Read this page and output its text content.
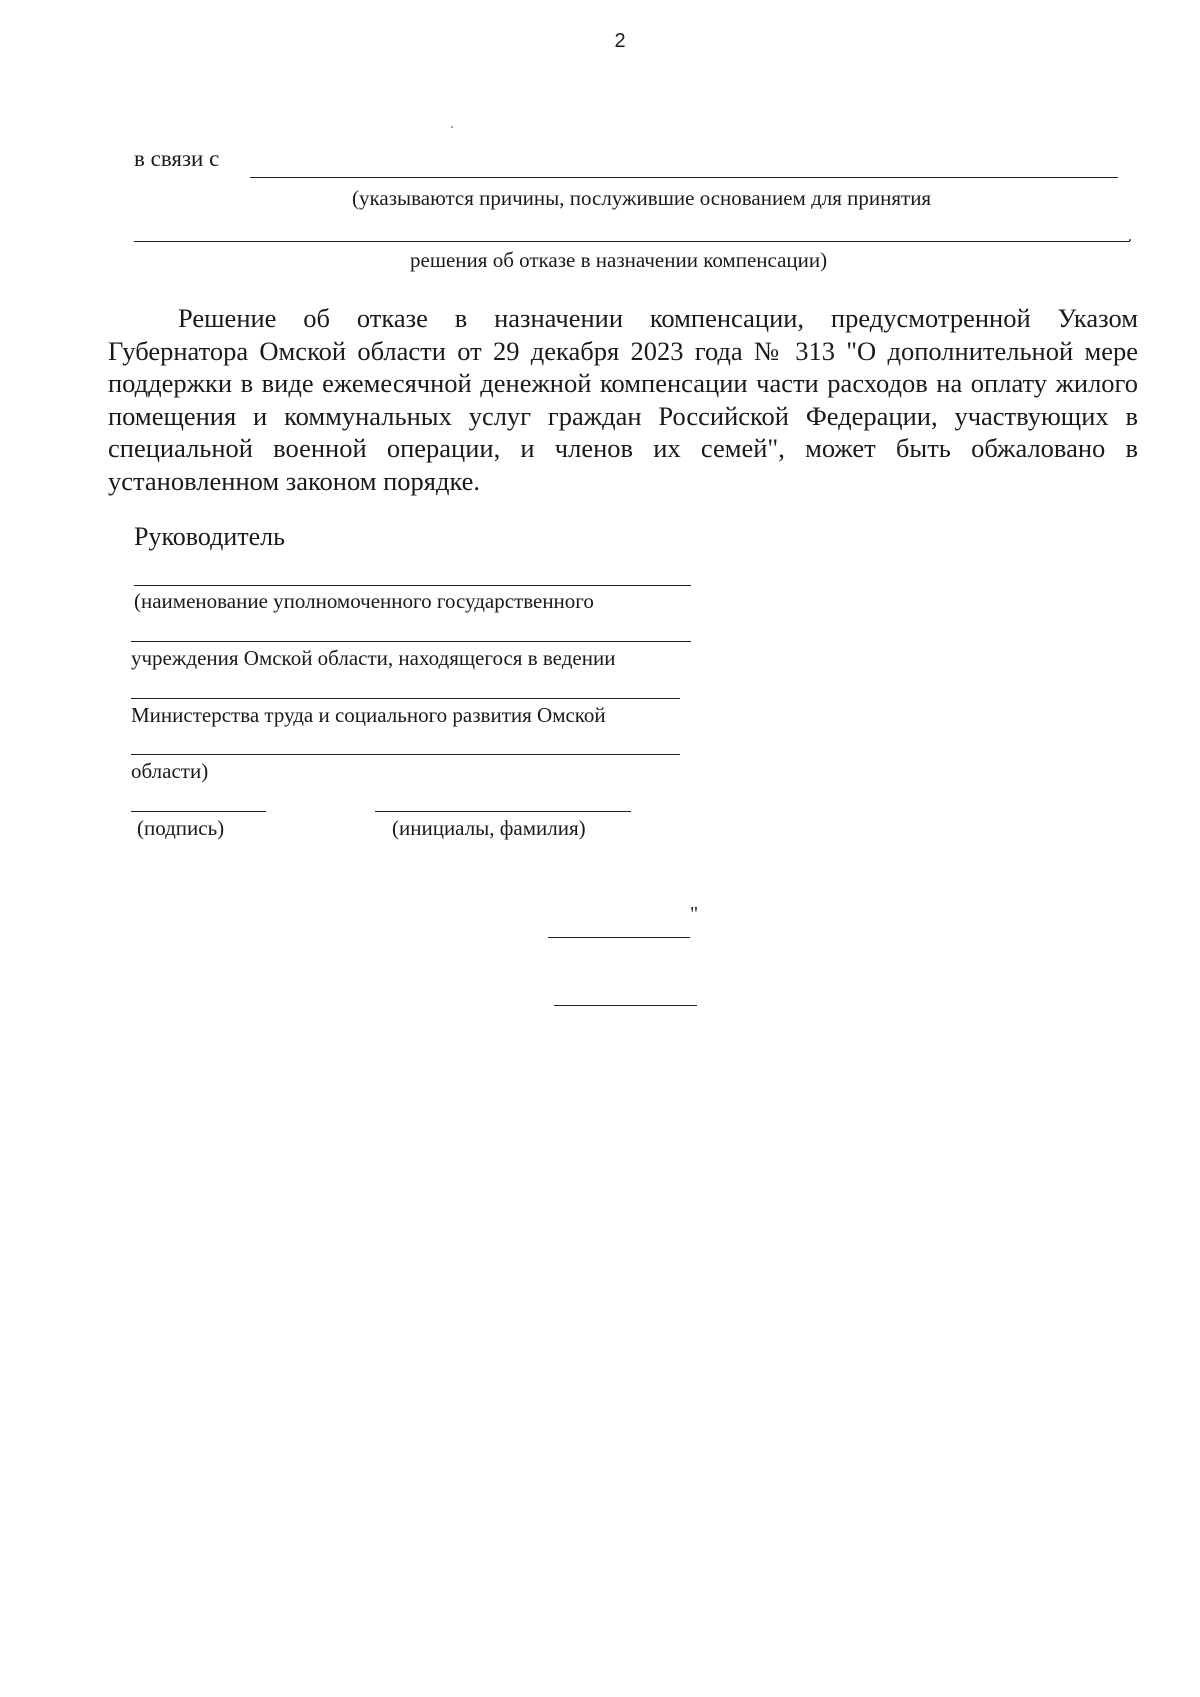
2
в связи с
(указываются причины, послужившие основанием для принятия
.
решения об отказе в назначении компенсации)
Решение об отказе в назначении компенсации, предусмотренной Указом Губернатора Омской области от 29 декабря 2023 года № 313 "О дополнительной мере поддержки в виде ежемесячной денежной компенсации части расходов на оплату жилого помещения и коммунальных услуг граждан Российской Федерации, участвующих в специальной военной операции, и членов их семей", может быть обжаловано в установленном законом порядке.
Руководитель
(наименование уполномоченного государственного
учреждения Омской области, находящегося в ведении
Министерства труда и социального развития Омской
области)
(подпись)	(инициалы, фамилия)
"
